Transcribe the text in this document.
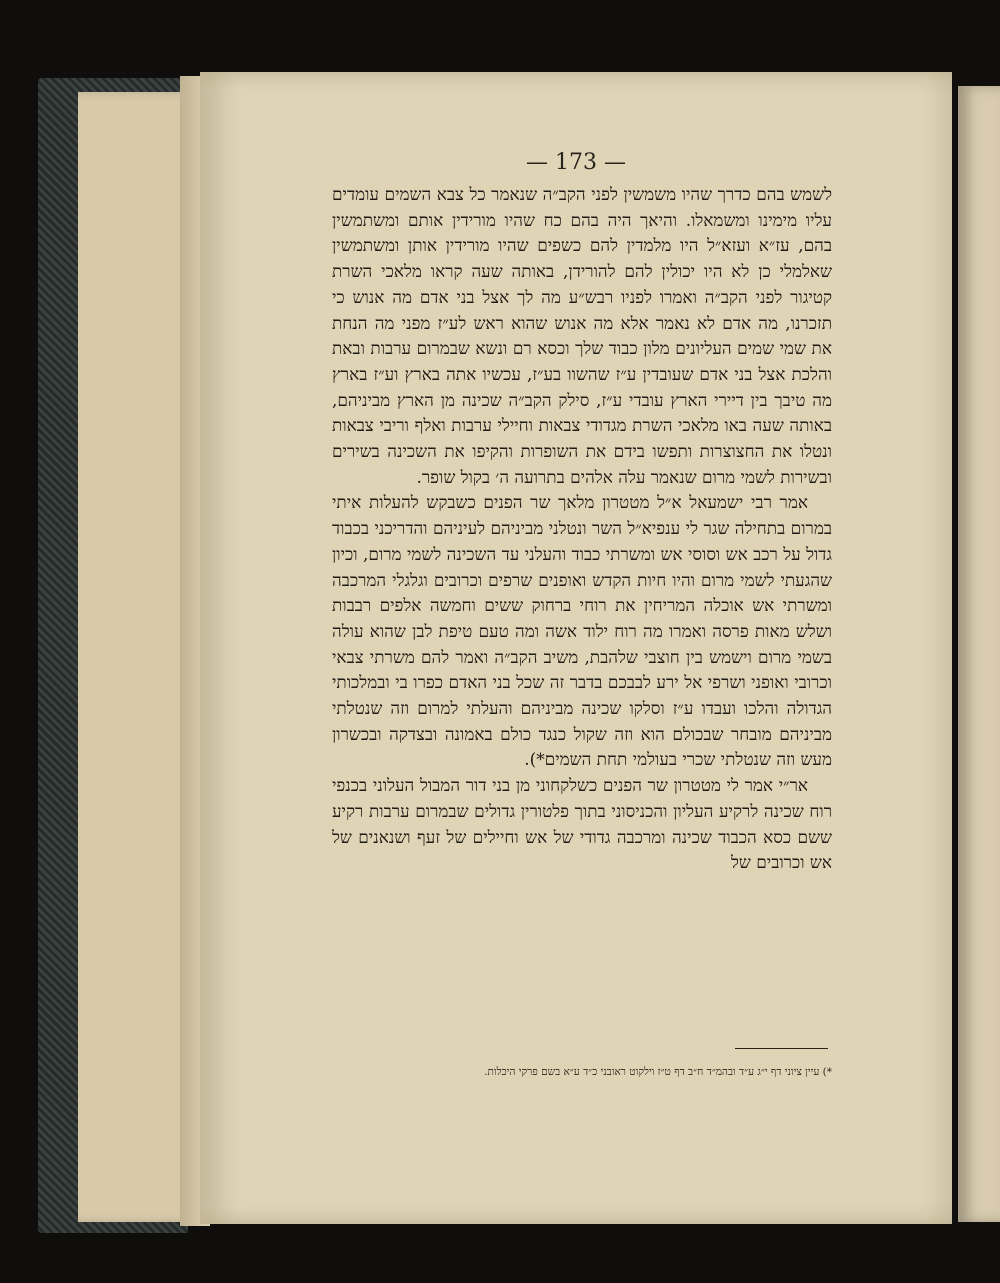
— 173 —

לשמש בהם כדרך שהיו משמשין לפני הקב״ה שנאמר כל צבא השמים עומדים עליו מימינו ומשמאלו. והיאך היה בהם כח שהיו מורידין אותם ומשתמשין בהם, עז״א ועזא״ל היו מלמדין להם כשפים שהיו מורידין אותן ומשתמשין שאלמלי כן לא היו יכולין להם להורידן, באותה שעה קראו מלאכי השרת קטיגור לפני הקב״ה ואמרו לפניו רבש״ע מה לך אצל בני אדם מה אנוש כי תזכרנו, מה אדם לא נאמר אלא מה אנוש שהוא ראש לע״ז מפני מה הנחת את שמי שמים העליונים מלון כבוד שלך וכסא רם ונשא שבמרום ערבות ובאת והלכת אצל בני אדם שעובדין ע״ז שהשוו בע״ז, עכשיו אתה בארץ וע״ז בארץ מה טיבך בין דיירי הארץ עובדי ע״ז, סילק הקב״ה שכינה מן הארץ מביניהם, באותה שעה באו מלאכי השרת מגדודי צבאות וחיילי ערבות ואלף וריבי צבאות ונטלו את החצוצרות ותפשו בידם את השופרות והקיפו את השכינה בשירים ובשירות לשמי מרום שנאמר עלה אלהים בתרועה ה׳ בקול שופר.

אמר רבי ישמעאל א״ל מטטרון מלאך שר הפנים כשבקש להעלות איתי במרום בתחילה שגר לי ענפיא״ל השר ונטלני מביניהם לעיניהם והדריכני בכבוד גדול על רכב אש וסוסי אש ומשרתי כבוד והעלני עד השכינה לשמי מרום, וכיון שהגעתי לשמי מרום והיו חיות הקדש ואופנים שרפים וכרובים וגלגלי המרכבה ומשרתי אש אוכלה המריחין את רוחי ברחוק ששים וחמשה אלפים רבבות ושלש מאות פרסה ואמרו מה רוח ילוד אשה ומה טעם טיפת לבן שהוא עולה בשמי מרום וישמש בין חוצבי שלהבת, משיב הקב״ה ואמר להם משרתי צבאי וכרובי ואופני ושרפי אל ירע לבבכם בדבר זה שכל בני האדם כפרו בי ובמלכותי הגדולה והלכו ועבדו ע״ז וסלקו שכינה מביניהם והעלתי למרום וזה שנטלתי מביניהם מובחר שבכולם הוא וזה שקול כנגד כולם באמונה ובצדקה ובכשרון מעש וזה שנטלתי שכרי בעולמי תחת השמים*).

אר״י אמר לי מטטרון שר הפנים כשלקחוני מן בני דור המבול העלוני בכנפי רוח שכינה לרקיע העליון והכניסוני בתוך פלטורין גדולים שבמרום ערבות רקיע ששם כסא הכבוד שכינה ומרכבה גדודי של אש וחיילים של זעף ושנאנים של אש וכרובים של

*) עיין ציוני דף י״ג ע״ד ובהמ״ד ח״ב דף ט״ז וילקוט ראובני כ״ד ע״א בשם פרקי היכלות.
